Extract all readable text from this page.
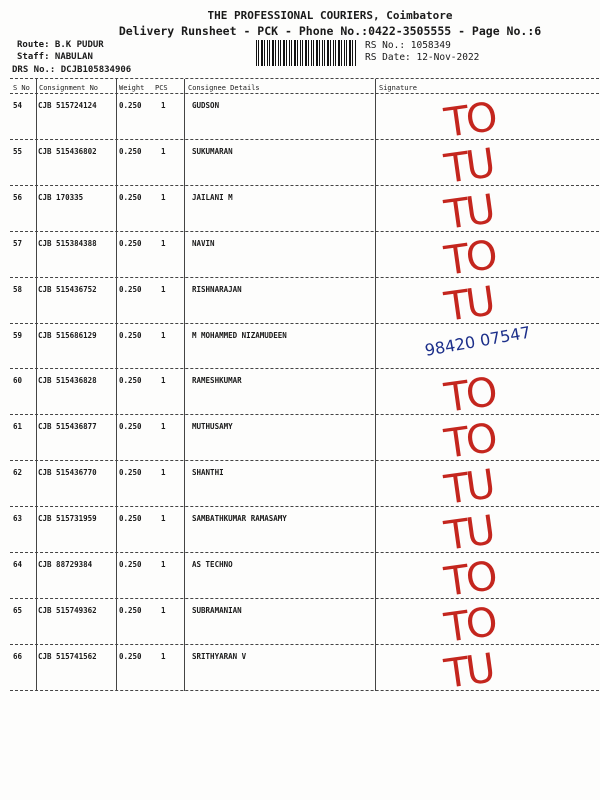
THE PROFESSIONAL COURIERS, Coimbatore
Delivery Runsheet - PCK - Phone No.:0422-3505555 - Page No.:6
Route: B.K PUDUR
Staff: NABULAN
DRS No.: DCJB105834906
RS No.: 1058349
RS Date: 12-Nov-2022
S No Consignment No	Weight PCS	Consignee Details	Signature
54 CJB 515724124	0.250	1	GUDSON	TO
55 CJB 515436802	0.250	1	SUKUMARAN	TU
56 CJB 170335	0.250	1	JAILANI M	TU
57 CJB 515384388	0.250	1	NAVIN	TO
58 CJB 515436752	0.250	1	RISHNARAJAN	TU
59 CJB 515686129	0.250	1	M MOHAMMED NIZAMUDEEN	98420 07547
60 CJB 515436828	0.250	1	RAMESHKUMAR	TO
61 CJB 515436877	0.250	1	MUTHUSAMY	TO
62 CJB 515436770	0.250	1	SHANTHI	TU
63 CJB 515731959	0.250	1	SAMBATHKUMAR RAMASAMY	TU
64 CJB 88729384	0.250	1	AS TECHNO	TO
65 CJB 515749362	0.250	1	SUBRAMANIAN	TO
66 CJB 515741562	0.250	1	SRITHYARAN V	TU
